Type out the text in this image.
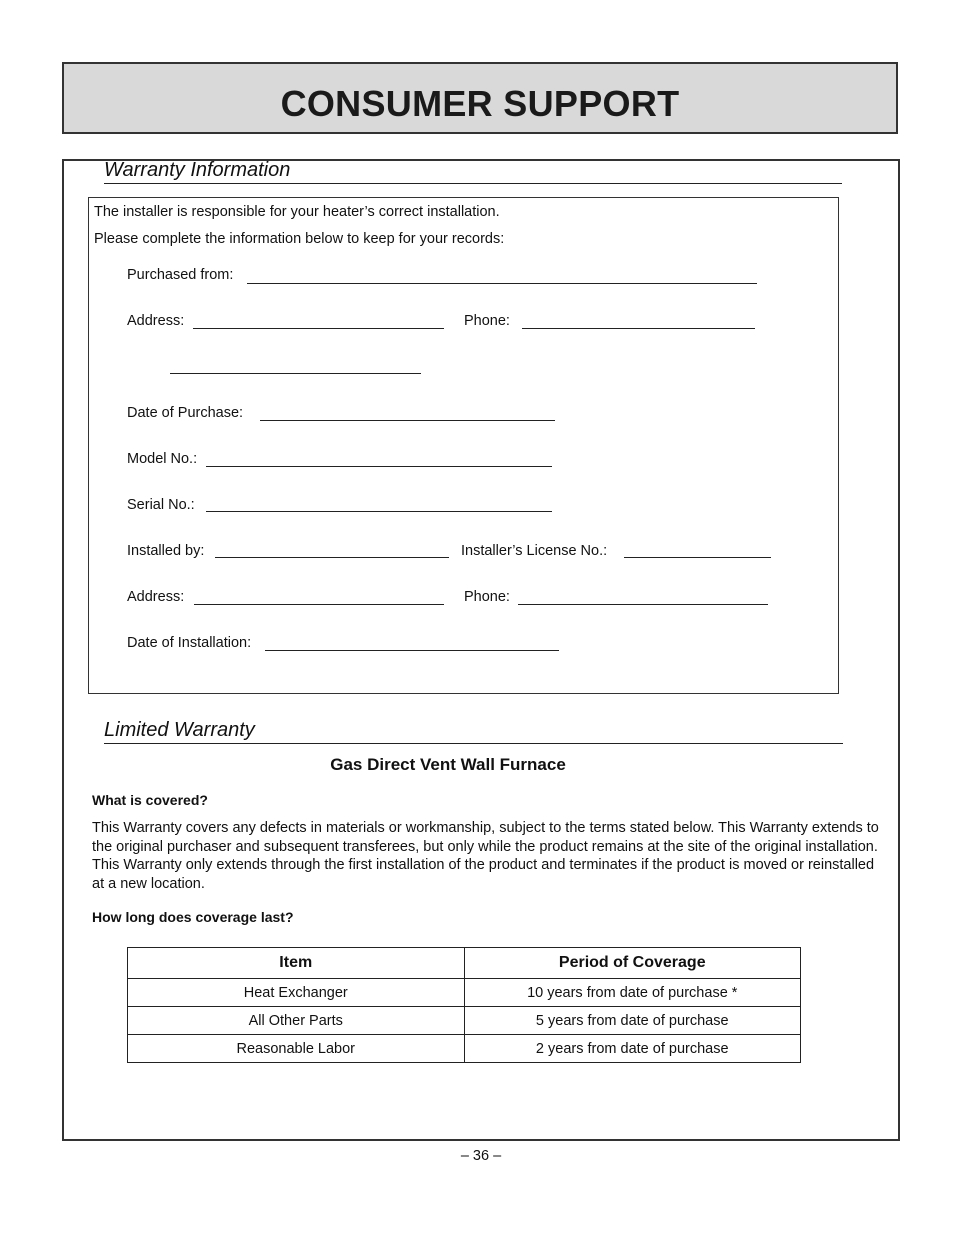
CONSUMER SUPPORT
Warranty Information
The installer is responsible for your heater’s correct installation.
Please complete the information below to keep for your records:
Purchased from:
Address:	Phone:
Date of Purchase:
Model No.:
Serial No.:
Installed by:	Installer’s License No.:
Address:	Phone:
Date of Installation:
Limited Warranty
Gas Direct Vent Wall Furnace
What is covered?
This Warranty covers any defects in materials or workmanship, subject to the terms stated below. This Warranty extends to the original purchaser and subsequent transferees, but only while the product remains at the site of the original installation. This Warranty only extends through the first installation of the product and terminates if the product is moved or reinstalled at a new location.
How long does coverage last?
Item	Period of Coverage
Heat Exchanger	10 years from date of purchase *
All Other Parts	5 years from date of purchase
Reasonable Labor	2 years from date of purchase
– 36 –
